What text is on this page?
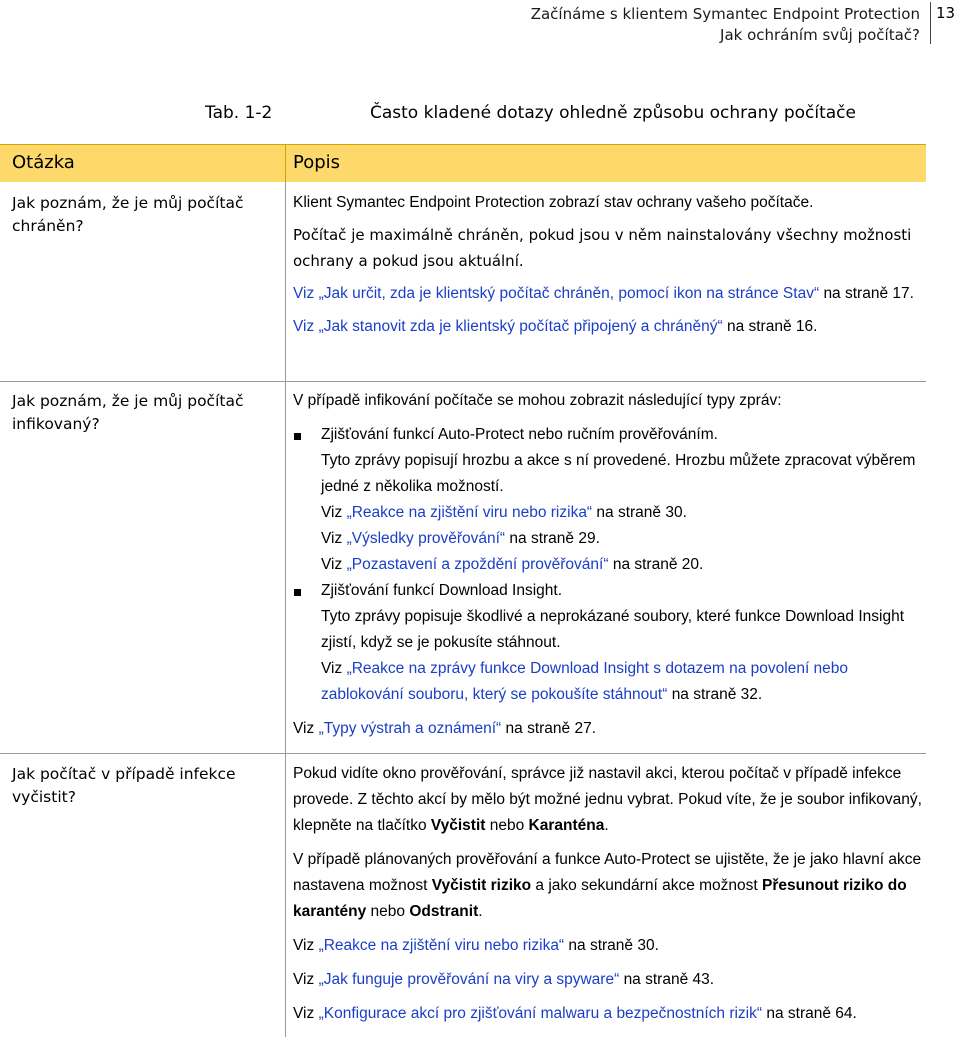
Začínáme s klientem Symantec Endpoint Protection
Jak ochráním svůj počítač?
13
Tab. 1-2	Často kladené dotazy ohledně způsobu ochrany počítače
Otázka	Popis
Jak poznám, že je můj počítač chráněn?

Klient Symantec Endpoint Protection zobrazí stav ochrany vašeho počítače.

Počítač je maximálně chráněn, pokud jsou v něm nainstalovány všechny možnosti ochrany a pokud jsou aktuální.

Viz „Jak určit, zda je klientský počítač chráněn, pomocí ikon na stránce Stav“ na straně 17.

Viz „Jak stanovit zda je klientský počítač připojený a chráněný“ na straně 16.

Jak poznám, že je můj počítač infikovaný?

V případě infikování počítače se mohou zobrazit následující typy zpráv:

Zjišťování funkcí Auto-Protect nebo ručním prověřováním.

Tyto zprávy popisují hrozbu a akce s ní provedené. Hrozbu můžete zpracovat výběrem jedné z několika možností.

Viz „Reakce na zjištění viru nebo rizika“ na straně 30.

Viz „Výsledky prověřování“ na straně 29.

Viz „Pozastavení a zpoždění prověřování“ na straně 20.

Zjišťování funkcí Download Insight.

Tyto zprávy popisuje škodlivé a neprokázané soubory, které funkce Download Insight zjistí, když se je pokusíte stáhnout.

Viz „Reakce na zprávy funkce Download Insight s dotazem na povolení nebo zablokování souboru, který se pokoušíte stáhnout“ na straně 32.

Viz „Typy výstrah a oznámení“ na straně 27.

Jak počítač v případě infekce vyčistit?

Pokud vidíte okno prověřování, správce již nastavil akci, kterou počítač v případě infekce provede. Z těchto akcí by mělo být možné jednu vybrat. Pokud víte, že je soubor infikovaný, klepněte na tlačítko Vyčistit nebo Karanténa.

V případě plánovaných prověřování a funkce Auto-Protect se ujistěte, že je jako hlavní akce nastavena možnost Vyčistit riziko a jako sekundární akce možnost Přesunout riziko do karantény nebo Odstranit.

Viz „Reakce na zjištění viru nebo rizika“ na straně 30.

Viz „Jak funguje prověřování na viry a spyware“ na straně 43.

Viz „Konfigurace akcí pro zjišťování malwaru a bezpečnostních rizik“ na straně 64.
